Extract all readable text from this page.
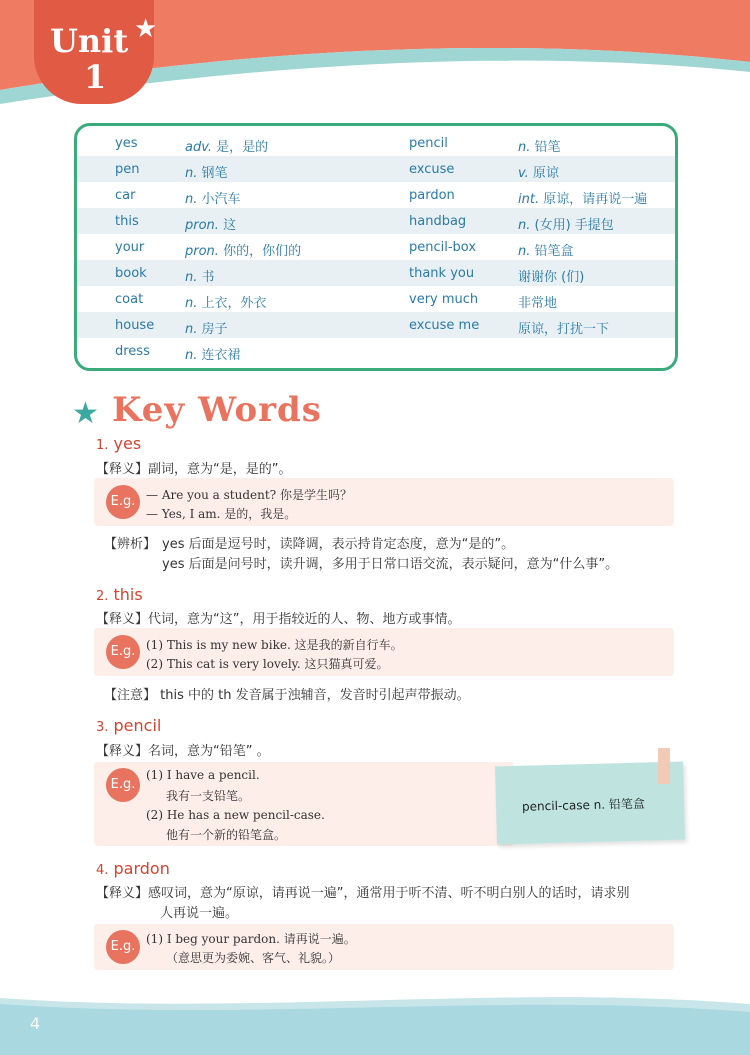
Unit ★
1
yes	adv. 是，是的	pencil	n. 铅笔
pen	n. 钢笔	excuse	v. 原谅
car	n. 小汽车	pardon	int. 原谅，请再说一遍
this	pron. 这	handbag	n. (女用) 手提包
your	pron. 你的，你们的	pencil-box	n. 铅笔盒
book	n. 书	thank you	谢谢你 (们)
coat	n. 上衣，外衣	very much	非常地
house n. 房子	excuse me	原谅，打扰一下
dress	n. 连衣裙
★ Key Words
1. yes
【释义】副词，意为“是，是的”。
E.g. — Are you a student? 你是学生吗？
— Yes, I am. 是的，我是。
【辨析】 yes 后面是逗号时，读降调，表示持肯定态度，意为“是的”。
yes 后面是问号时，读升调，多用于日常口语交流，表示疑问，意为“什么事”。
2. this
【释义】代词，意为“这”，用于指较近的人、物、地方或事情。
E.g. (1) This is my new bike. 这是我的新自行车。
(2) This cat is very lovely. 这只猫真可爱。
【注意】 this 中的 th 发音属于浊辅音，发音时引起声带振动。
3. pencil
【释义】名词，意为“铅笔” 。
E.g.
(1) I have a pencil.
我有一支铅笔。
(2) He has a new pencil-case.
他有一个新的铅笔盒。
pencil-case n. 铅笔盒
4. pardon
【释义】感叹词，意为“原谅，请再说一遍”，通常用于听不清、听不明白别人的话时，请求别
人再说一遍。
E.g. (1) I beg your pardon. 请再说一遍。
（意思更为委婉、客气、礼貌。）
4
